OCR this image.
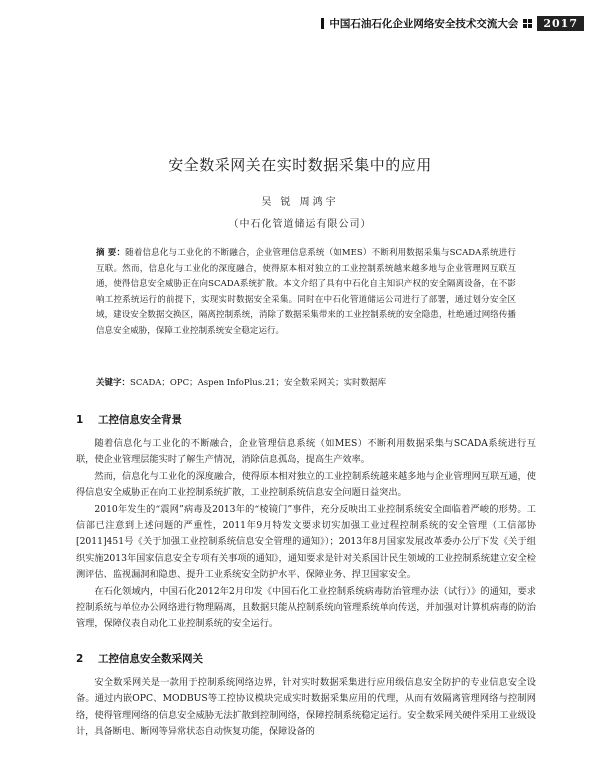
中国石油石化企业网络安全技术交流大会	2017
安全数采网关在实时数据采集中的应用
吴 锐 周鸿宇
（中石化管道储运有限公司）
摘 要：随着信息化与工业化的不断融合，企业管理信息系统（如MES）不断利用数据采集与SCADA系统进行互联。然而，信息化与工业化的深度融合，使得原本相对独立的工业控制系统越来越多地与企业管理网互联互通，使得信息安全威胁正在向SCADA系统扩散。本文介绍了具有中石化自主知识产权的安全隔离设备，在不影响工控系统运行的前提下，实现实时数据安全采集。同时在中石化管道储运公司进行了部署，通过划分安全区域，建设安全数据交换区，隔离控制系统，消除了数据采集带来的工业控制系统的安全隐患，杜绝通过网络传播信息安全威胁，保障工业控制系统安全稳定运行。
关键字：SCADA；OPC；Aspen InfoPlus.21；安全数采网关；实时数据库
1 工控信息安全背景

随着信息化与工业化的不断融合，企业管理信息系统（如MES）不断利用数据采集与SCADA系统进行互联，使企业管理层能实时了解生产情况，消除信息孤岛，提高生产效率。

然而，信息化与工业化的深度融合，使得原本相对独立的工业控制系统越来越多地与企业管理网互联互通，使得信息安全威胁正在向工业控制系统扩散，工业控制系统信息安全问题日益突出。

2010年发生的“震网”病毒及2013年的“棱镜门”事件，充分反映出工业控制系统安全面临着严峻的形势。工信部已注意到上述问题的严重性，2011年9月特发文要求切实加强工业过程控制系统的安全管理（工信部协[2011]451号《关于加强工业控制系统信息安全管理的通知》）；2013年8月国家发展改革委办公厅下发《关于组织实施2013年国家信息安全专项有关事项的通知》，通知要求是针对关系国计民生领域的工业控制系统建立安全检测评估、监视漏洞和隐患、提升工业系统安全防护水平、保障业务、捍卫国家安全。

在石化领域内，中国石化2012年2月印发《中国石化工业控制系统病毒防治管理办法（试行）》的通知，要求控制系统与单位办公网络进行物理隔离，且数据只能从控制系统向管理系统单向传送，并加强对计算机病毒的防治管理，保障仪表自动化工业控制系统的安全运行。

2 工控信息安全数采网关

安全数采网关是一款用于控制系统网络边界，针对实时数据采集进行应用级信息安全防护的专业信息安全设备。通过内嵌OPC、MODBUS等工控协议模块完成实时数据采集应用的代理，从而有效隔离管理网络与控制网络，使得管理网络的信息安全威胁无法扩散到控制网络，保障控制系统稳定运行。安全数采网关硬件采用工业级设计，具备断电、断网等异常状态自动恢复功能，保障设备的
